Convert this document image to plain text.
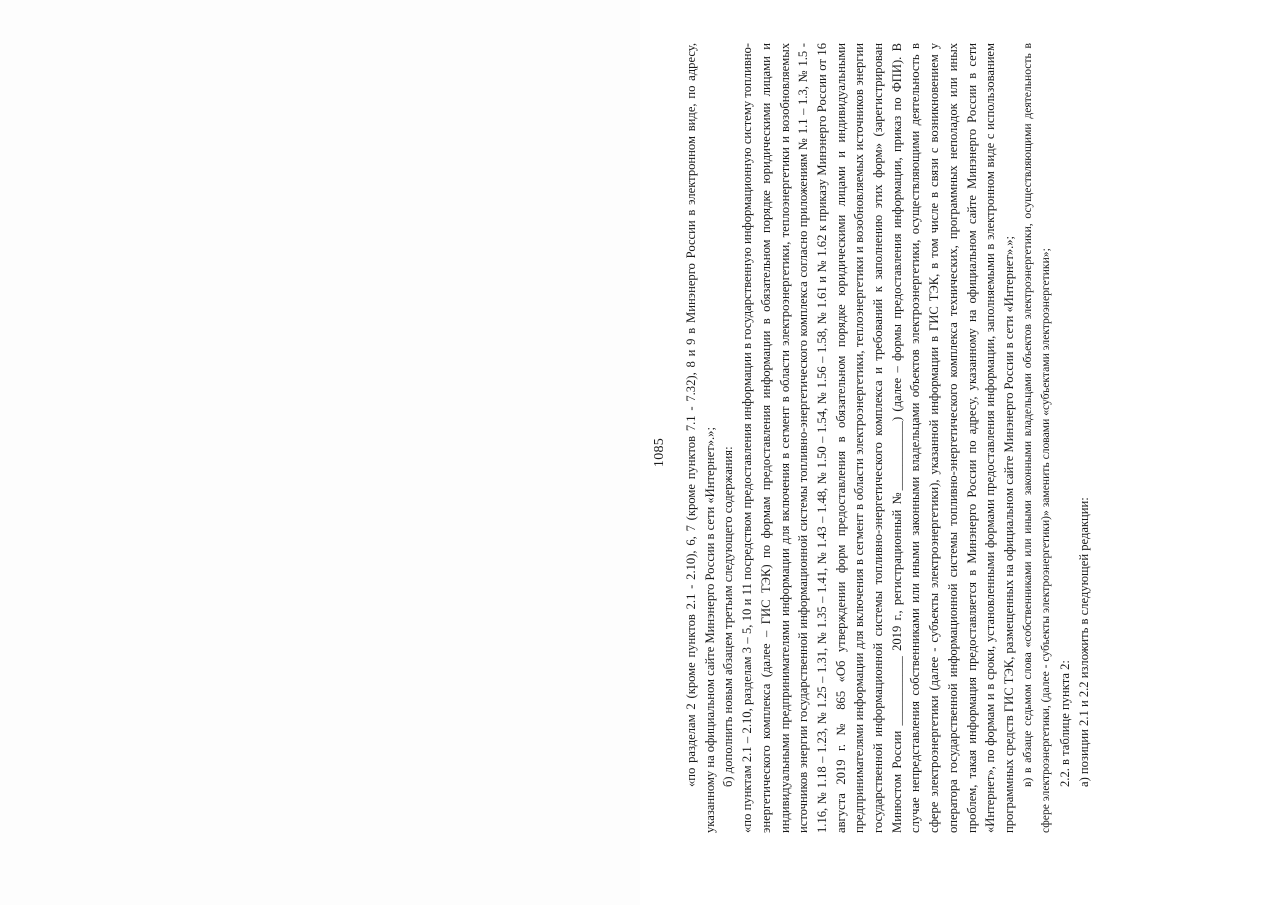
1085 «по разделам 2 (кроме пунктов 2.1 - 2.10), 6, 7 (кроме пунктов 7.1 - 7.32), 8 и 9 в Минэнерго России в электронном виде, по адресу, указанному на официальном сайте Минэнерго России в сети «Интернет».»; б) дополнить новым абзацем третьим следующего содержания: «по пунктам 2.1 – 2.10, разделам 3 – 5, 10 и 11 посредством предоставления информации в государственную информационную систему топливно-энергетического комплекса (далее – ГИС ТЭК) по формам предоставления информации в обязательном порядке юридическими лицами и индивидуальными предпринимателями информации для включения в сегмент в области электроэнергетики, теплоэнергетики и возобновляемых источников энергии государственной информационной системы топливно-энергетического комплекса согласно приложениям № 1.1 – 1.3, № 1.5 - 1.16, № 1.18 – 1.23, № 1.25 – 1.31, № 1.35 – 1.41, № 1.43 – 1.48, № 1.50 – 1.54, № 1.56 – 1.58, № 1.61 и № 1.62 к приказу Минэнерго России от 16 августа 2019 г. № 865 «Об утверждении форм предоставления в обязательном порядке юридическими лицами и индивидуальными предпринимателями информации для включения в сегмент в области электроэнергетики, теплоэнергетики и возобновляемых источников энергии государственной информационной системы топливно-энергетического комплекса и требований к заполнению этих форм» (зарегистрирован Минюстом России ___________ 2019 г., регистрационный №___________) (далее – формы предоставления информации, приказ по ФПИ). В случае непредставления собственниками или иными законными владельцами объектов электроэнергетики, осуществляющими деятельность в сфере электроэнергетики (далее - субъекты электроэнергетики), указанной информации в ГИС ТЭК, в том числе в связи с возникновением у оператора государственной информационной системы топливно-энергетического комплекса технических, программных неполадок или иных проблем, такая информация предоставляется в Минэнерго России по адресу, указанному на официальном сайте Минэнерго России в сети «Интернет», по формам и в сроки, установленными формами предоставления информации, заполняемыми в электронном виде с использованием программных средств ГИС ТЭК, размещенных на официальном сайте Минэнерго России в сети «Интернет».»; в) в абзаце седьмом слова «собственниками или иными законными владельцами объектов электроэнергетики, осуществляющими деятельность в сфере электроэнергетики, (далее - субъекты электроэнергетики)» заменить словами «субъектами электроэнергетики»; 2.2. в таблице пункта 2: а) позиции 2.1 и 2.2 изложить в следующей редакции:
